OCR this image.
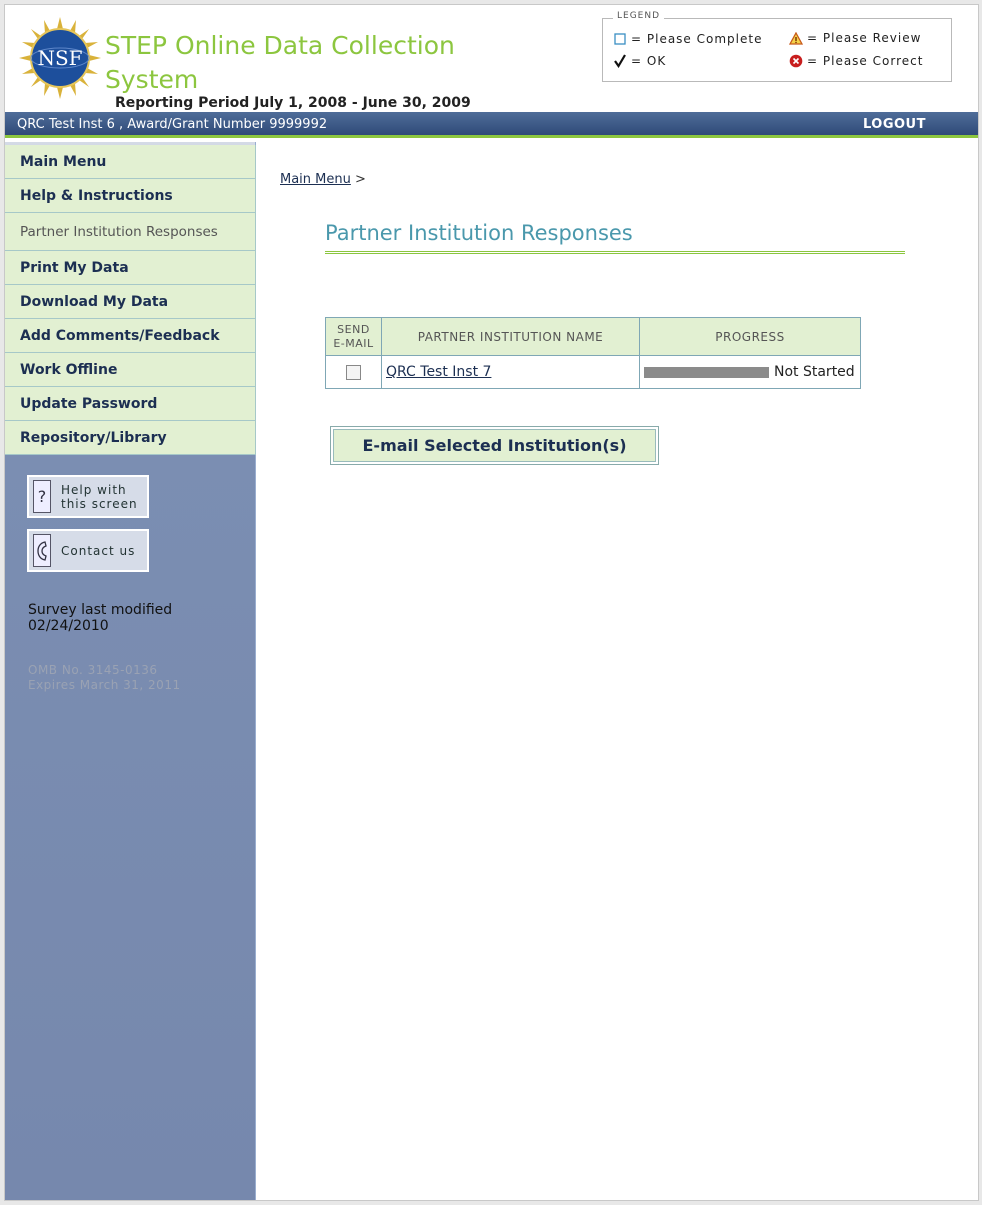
NSF STEP Online Data Collection System
Reporting Period July 1, 2008 - June 30, 2009
LEGEND
= Please Complete	= Please Review
= OK	= Please Correct
QRC Test Inst 6 , Award/Grant Number 9999992	LOGOUT
Main Menu
Help & Instructions
Partner Institution Responses
Print My Data
Download My Data
Add Comments/Feedback
Work Offline
Update Password
Repository/Library
?	Help with
this screen
Contact us
Survey last modified
02/24/2010
OMB No. 3145-0136
Expires March 31, 2011
Main Menu >
Partner Institution Responses
SEND
E-MAIL	PARTNER INSTITUTION NAME	PROGRESS

	QRC Test Inst 7	Not Started
E-mail Selected Institution(s)
